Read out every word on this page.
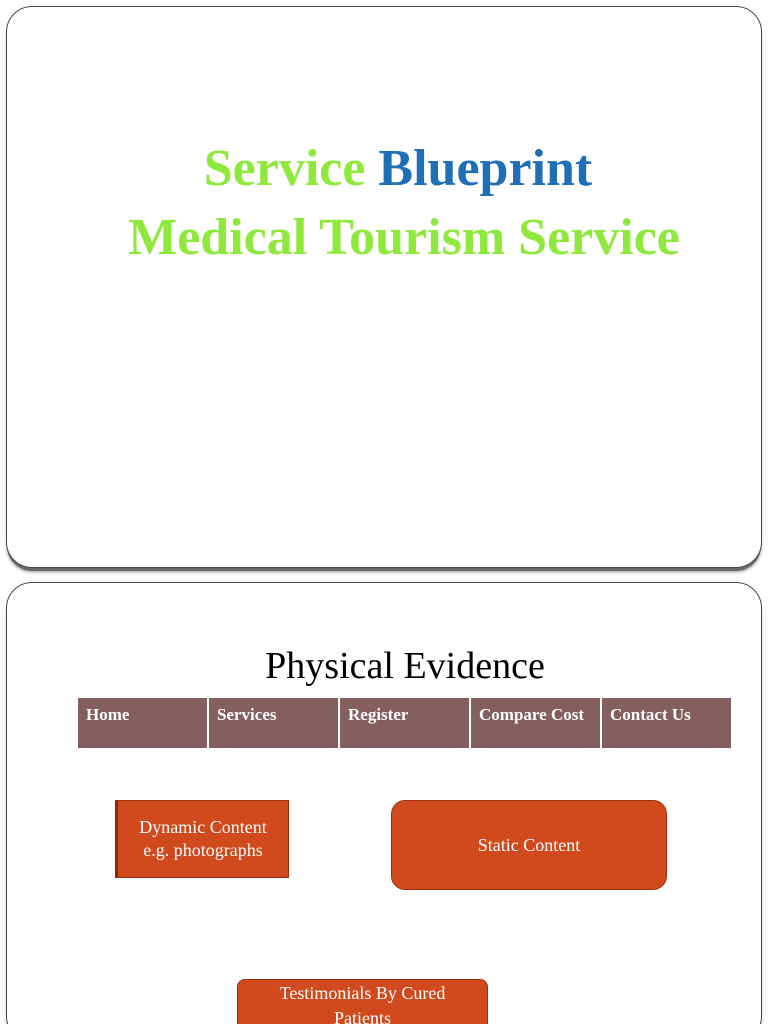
Service Blueprint
Medical Tourism Service
Physical Evidence
Home	Services	Register	Compare Cost	Contact Us
Dynamic Content
e.g. photographs	Static Content
Testimonials By Cured
Patients
